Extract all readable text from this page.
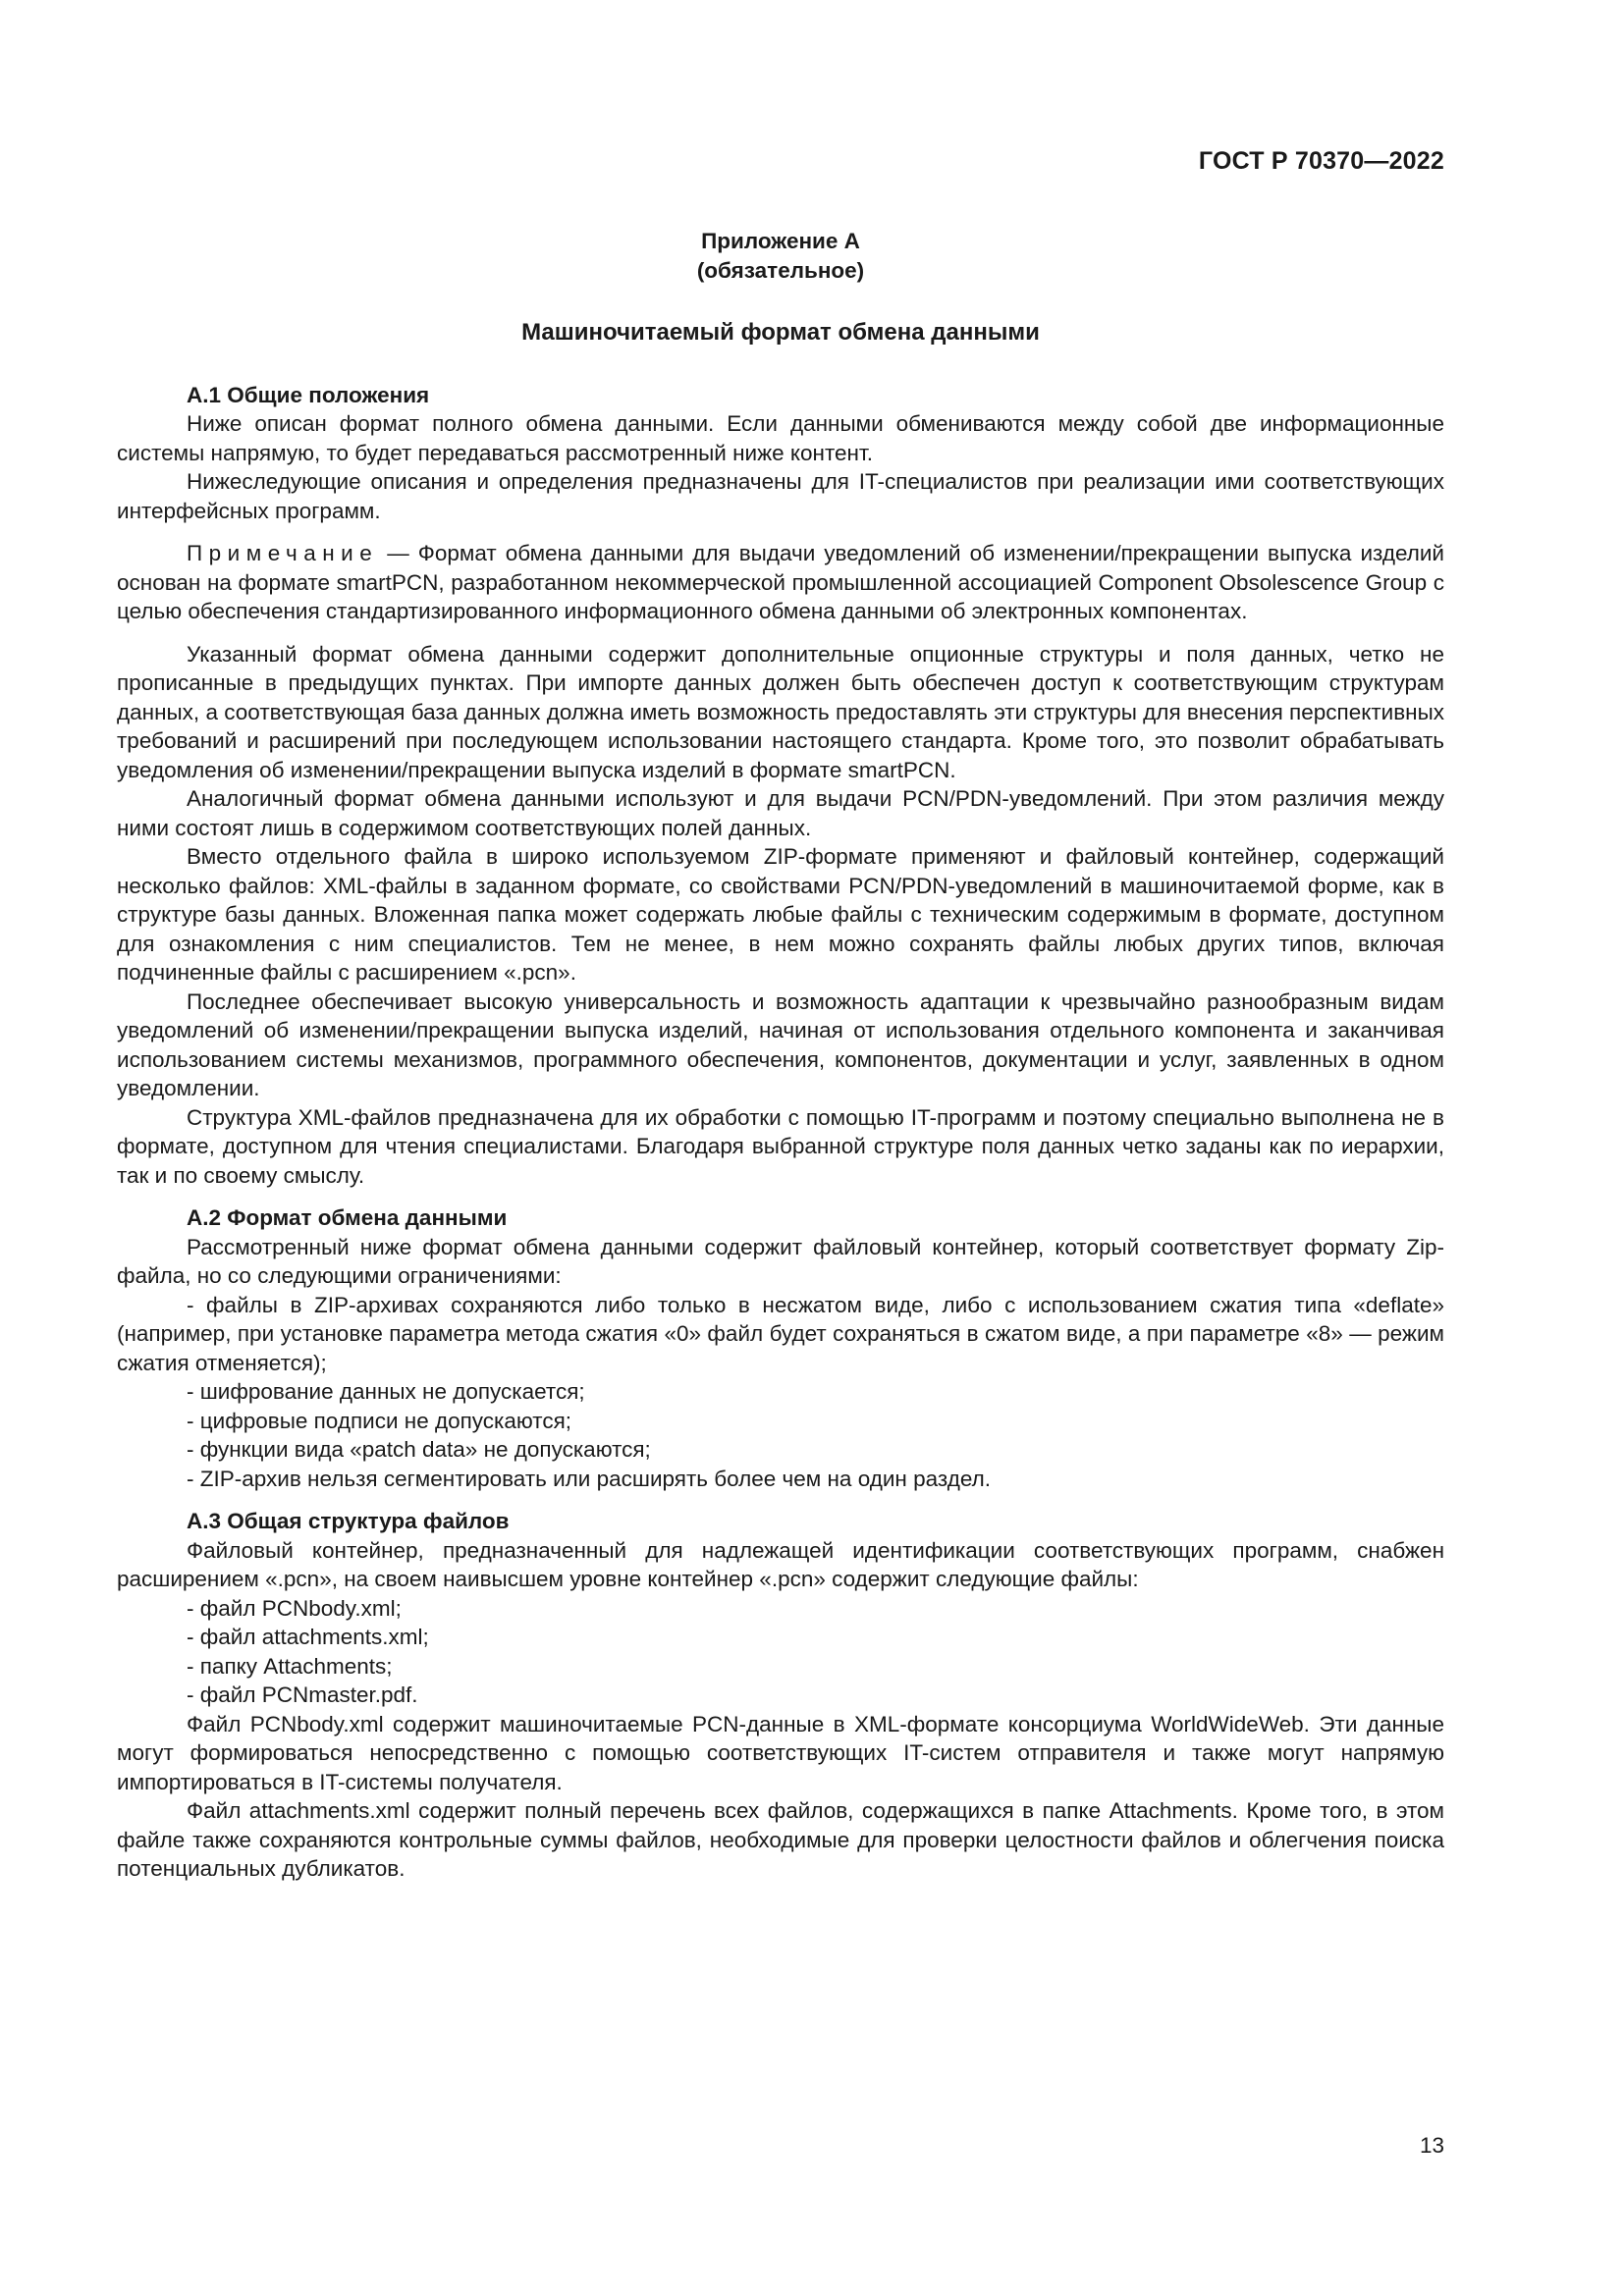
ГОСТ Р 70370—2022
Приложение А
(обязательное)
Машиночитаемый формат обмена данными
А.1 Общие положения

Ниже описан формат полного обмена данными. Если данными обмениваются между собой две информационные системы напрямую, то будет передаваться рассмотренный ниже контент.

Нижеследующие описания и определения предназначены для IT-специалистов при реализации ими соответствующих интерфейсных программ.

Примечание — Формат обмена данными для выдачи уведомлений об изменении/прекращении выпуска изделий основан на формате smartPCN, разработанном некоммерческой промышленной ассоциацией Component Obsolescence Group с целью обеспечения стандартизированного информационного обмена данными об электронных компонентах.

Указанный формат обмена данными содержит дополнительные опционные структуры и поля данных, четко не прописанные в предыдущих пунктах. При импорте данных должен быть обеспечен доступ к соответствующим структурам данных, а соответствующая база данных должна иметь возможность предоставлять эти структуры для внесения перспективных требований и расширений при последующем использовании настоящего стандарта. Кроме того, это позволит обрабатывать уведомления об изменении/прекращении выпуска изделий в формате smartPCN.

Аналогичный формат обмена данными используют и для выдачи PCN/PDN-уведомлений. При этом различия между ними состоят лишь в содержимом соответствующих полей данных.

Вместо отдельного файла в широко используемом ZIP-формате применяют и файловый контейнер, содержащий несколько файлов: XML-файлы в заданном формате, со свойствами PCN/PDN-уведомлений в машиночитаемой форме, как в структуре базы данных. Вложенная папка может содержать любые файлы с техническим содержимым в формате, доступном для ознакомления с ним специалистов. Тем не менее, в нем можно сохранять файлы любых других типов, включая подчиненные файлы с расширением «.pcn».

Последнее обеспечивает высокую универсальность и возможность адаптации к чрезвычайно разнообразным видам уведомлений об изменении/прекращении выпуска изделий, начиная от использования отдельного компонента и заканчивая использованием системы механизмов, программного обеспечения, компонентов, документации и услуг, заявленных в одном уведомлении.

Структура XML-файлов предназначена для их обработки с помощью IT-программ и поэтому специально выполнена не в формате, доступном для чтения специалистами. Благодаря выбранной структуре поля данных четко заданы как по иерархии, так и по своему смыслу.

А.2 Формат обмена данными

Рассмотренный ниже формат обмена данными содержит файловый контейнер, который соответствует формату Zip-файла, но со следующими ограничениями:

- файлы в ZIP-архивах сохраняются либо только в несжатом виде, либо с использованием сжатия типа «deflate» (например, при установке параметра метода сжатия «0» файл будет сохраняться в сжатом виде, а при параметре «8» — режим сжатия отменяется);
- шифрование данных не допускается;
- цифровые подписи не допускаются;
- функции вида «patch data» не допускаются;
- ZIP-архив нельзя сегментировать или расширять более чем на один раздел.
А.3 Общая структура файлов

Файловый контейнер, предназначенный для надлежащей идентификации соответствующих программ, снабжен расширением «.pcn», на своем наивысшем уровне контейнер «.pcn» содержит следующие файлы:

- файл PCNbody.xml;
- файл attachments.xml;
- папку Attachments;
- файл PCNmaster.pdf.

Файл PCNbody.xml содержит машиночитаемые PCN-данные в XML-формате консорциума WorldWideWeb. Эти данные могут формироваться непосредственно с помощью соответствующих IT-систем отправителя и также могут напрямую импортироваться в IT-системы получателя.

Файл attachments.xml содержит полный перечень всех файлов, содержащихся в папке Attachments. Кроме того, в этом файле также сохраняются контрольные суммы файлов, необходимые для проверки целостности файлов и облегчения поиска потенциальных дубликатов.

13
